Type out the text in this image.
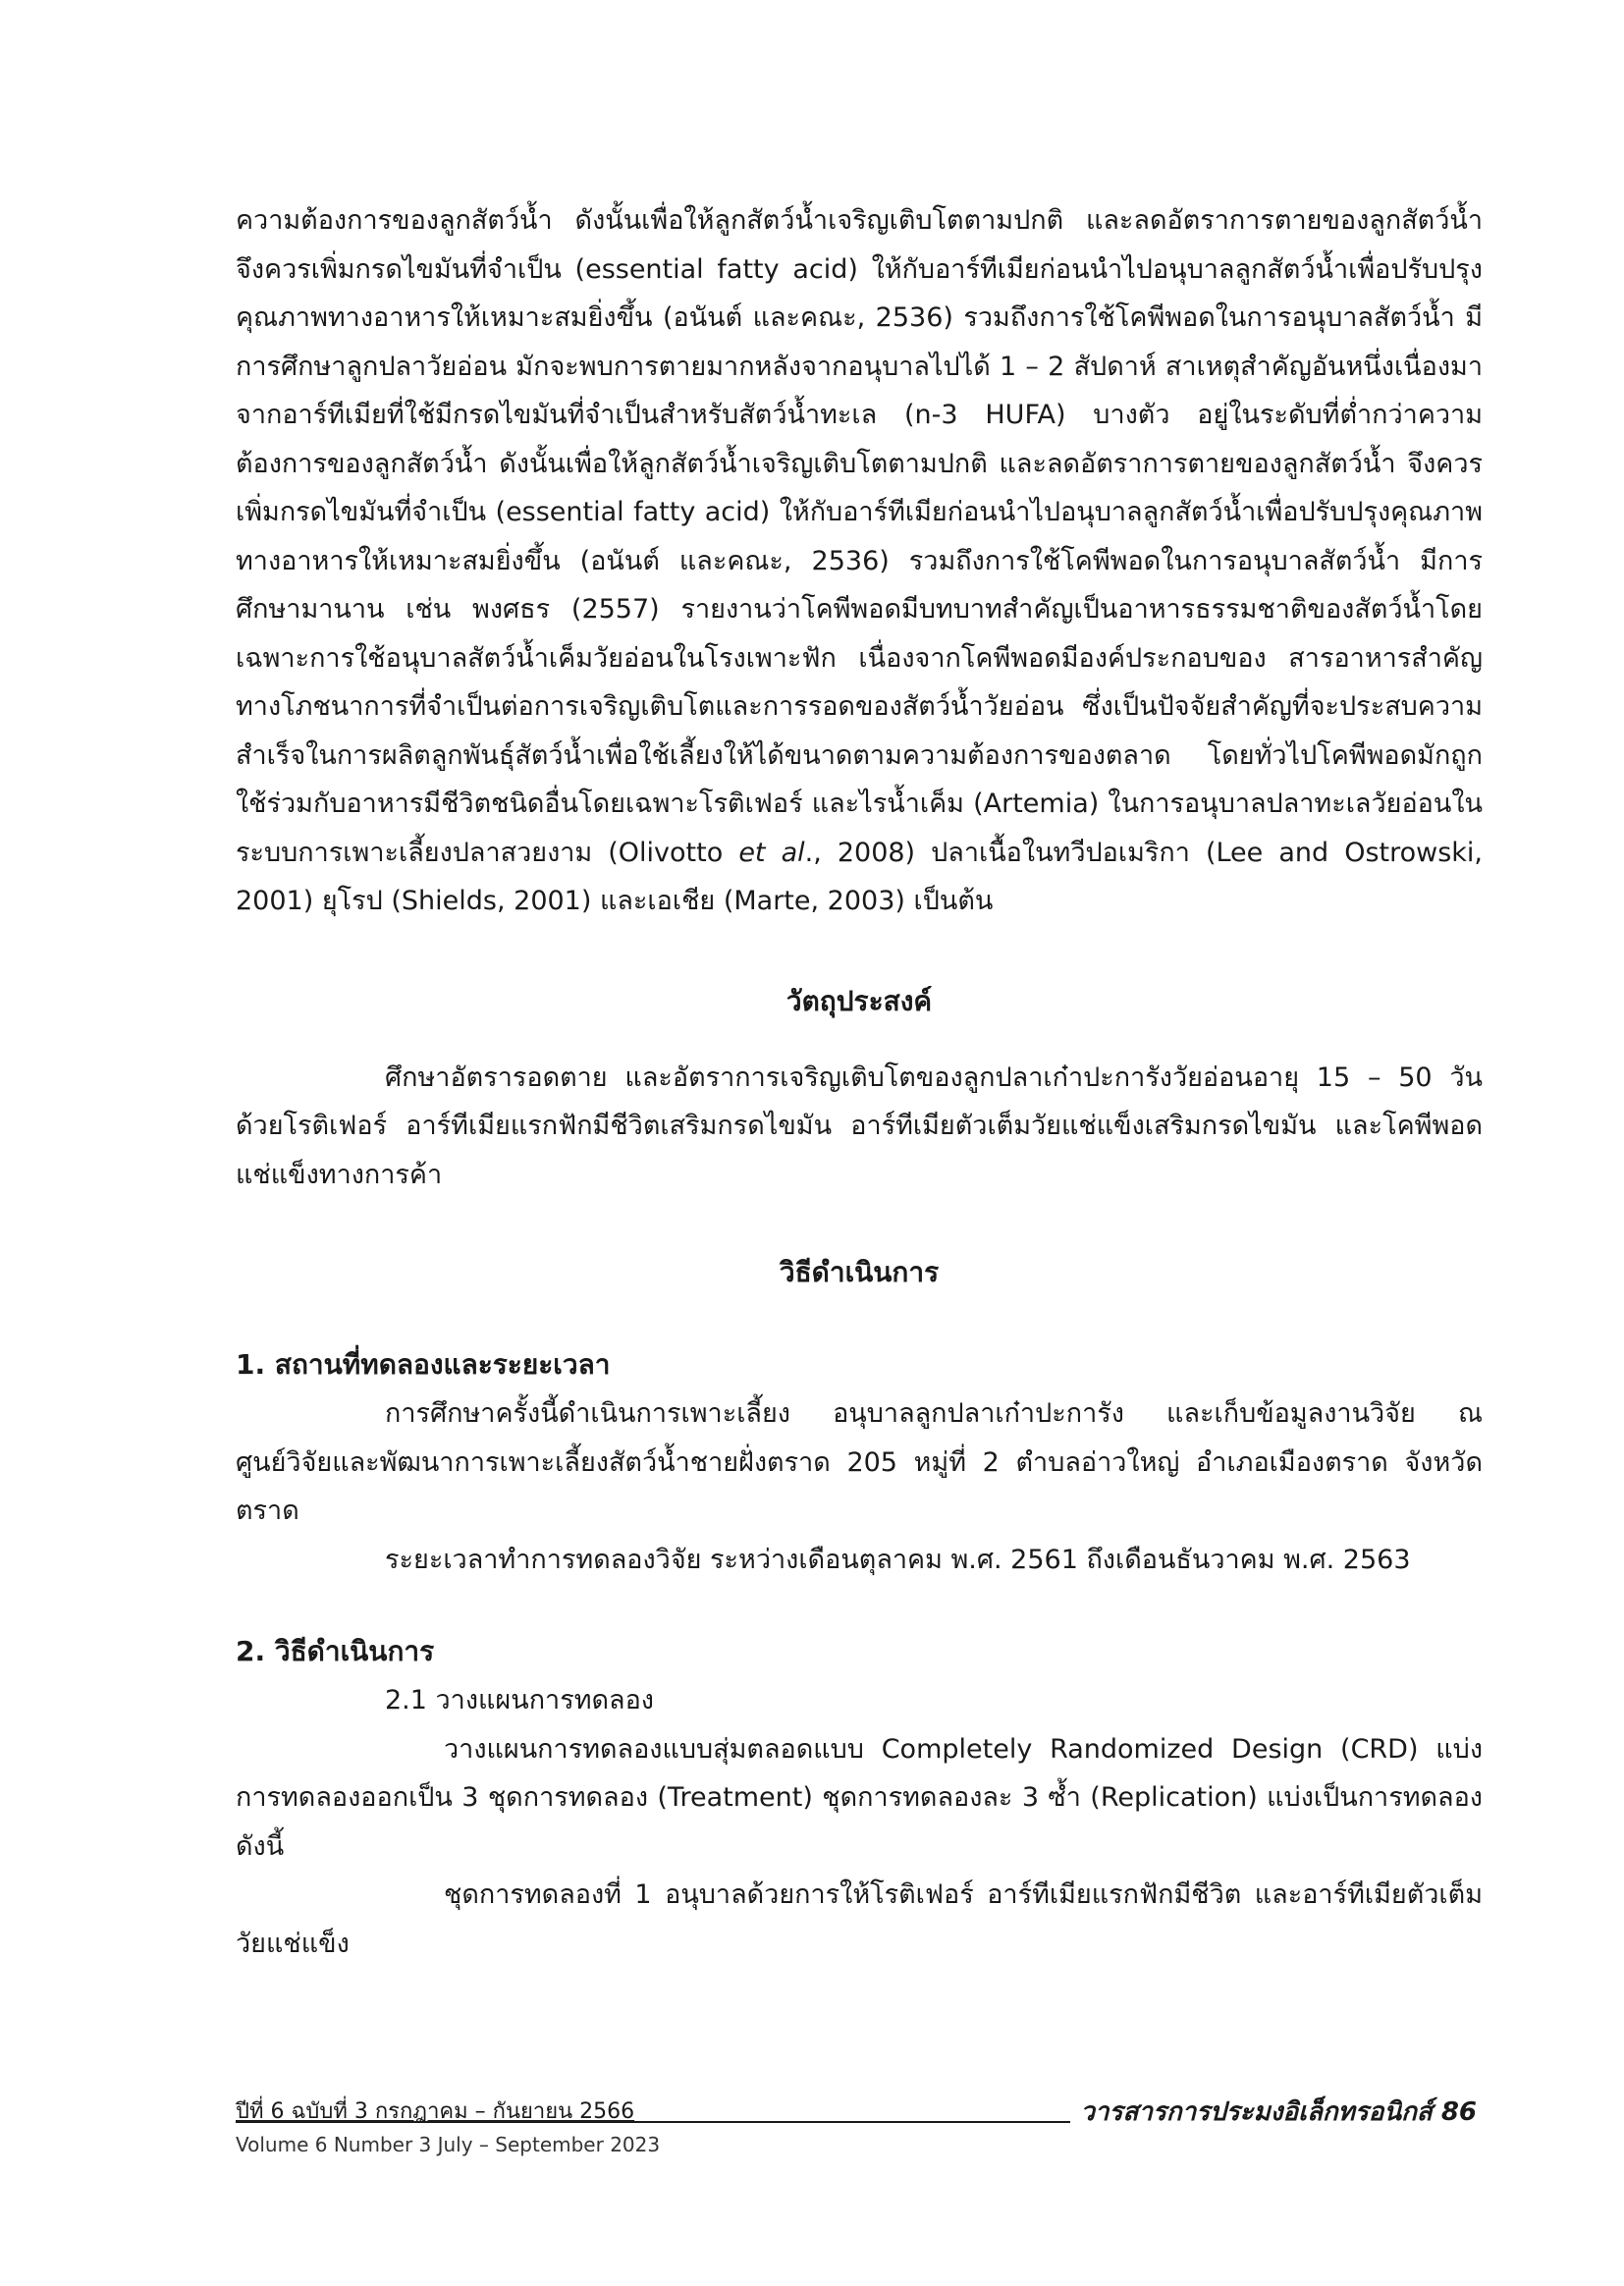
ความต้องการของลูกสัตว์น้ำ ดังนั้นเพื่อให้ลูกสัตว์น้ำเจริญเติบโตตามปกติ และลดอัตราการตายของลูกสัตว์น้ำ จึงควรเพิ่มกรดไขมันที่จำเป็น (essential fatty acid) ให้กับอาร์ทีเมียก่อนนำไปอนุบาลลูกสัตว์น้ำเพื่อปรับปรุงคุณภาพทางอาหารให้เหมาะสมยิ่งขึ้น (อนันต์ และคณะ, 2536) รวมถึงการใช้โคพีพอดในการอนุบาลสัตว์น้ำ มีการศึกษาลูกปลาวัยอ่อน มักจะพบการตายมากหลังจากอนุบาลไปได้ 1 – 2 สัปดาห์ สาเหตุสำคัญอันหนึ่งเนื่องมาจากอาร์ทีเมียที่ใช้มีกรดไขมันที่จำเป็นสำหรับสัตว์น้ำทะเล (n-3 HUFA) บางตัว อยู่ในระดับที่ต่ำกว่าความต้องการของลูกสัตว์น้ำ ดังนั้นเพื่อให้ลูกสัตว์น้ำเจริญเติบโตตามปกติ และลดอัตราการตายของลูกสัตว์น้ำ จึงควรเพิ่มกรดไขมันที่จำเป็น (essential fatty acid) ให้กับอาร์ทีเมียก่อนนำไปอนุบาลลูกสัตว์น้ำเพื่อปรับปรุงคุณภาพทางอาหารให้เหมาะสมยิ่งขึ้น (อนันต์ และคณะ, 2536) รวมถึงการใช้โคพีพอดในการอนุบาลสัตว์น้ำ มีการศึกษามานาน เช่น พงศธร (2557) รายงานว่าโคพีพอดมีบทบาทสำคัญเป็นอาหารธรรมชาติของสัตว์น้ำโดยเฉพาะการใช้อนุบาลสัตว์น้ำเค็มวัยอ่อนในโรงเพาะฟัก เนื่องจากโคพีพอดมีองค์ประกอบของ สารอาหารสำคัญทางโภชนาการที่จำเป็นต่อการเจริญเติบโตและการรอดของสัตว์น้ำวัยอ่อน ซึ่งเป็นปัจจัยสำคัญที่จะประสบความสำเร็จในการผลิตลูกพันธุ์สัตว์น้ำเพื่อใช้เลี้ยงให้ได้ขนาดตามความต้องการของตลาด โดยทั่วไปโคพีพอดมักถูกใช้ร่วมกับอาหารมีชีวิตชนิดอื่นโดยเฉพาะโรติเฟอร์ และไรน้ำเค็ม (Artemia) ในการอนุบาลปลาทะเลวัยอ่อนในระบบการเพาะเลี้ยงปลาสวยงาม (Olivotto et al., 2008) ปลาเนื้อในทวีปอเมริกา (Lee and Ostrowski, 2001) ยุโรป (Shields, 2001) และเอเชีย (Marte, 2003) เป็นต้น

วัตถุประสงค์

ศึกษาอัตรารอดตาย และอัตราการเจริญเติบโตของลูกปลาเก๋าปะการังวัยอ่อนอายุ 15 – 50 วัน ด้วยโรติเฟอร์ อาร์ทีเมียแรกฟักมีชีวิตเสริมกรดไขมัน อาร์ทีเมียตัวเต็มวัยแช่แข็งเสริมกรดไขมัน และโคพีพอดแช่แข็งทางการค้า

วิธีดำเนินการ

1. สถานที่ทดลองและระยะเวลา

การศึกษาครั้งนี้ดำเนินการเพาะเลี้ยง อนุบาลลูกปลาเก๋าปะการัง และเก็บข้อมูลงานวิจัย ณ ศูนย์วิจัยและพัฒนาการเพาะเลี้ยงสัตว์น้ำชายฝั่งตราด 205 หมู่ที่ 2 ตำบลอ่าวใหญ่ อำเภอเมืองตราด จังหวัดตราด

ระยะเวลาทำการทดลองวิจัย ระหว่างเดือนตุลาคม พ.ศ. 2561 ถึงเดือนธันวาคม พ.ศ. 2563

2. วิธีดำเนินการ

2.1 วางแผนการทดลอง

วางแผนการทดลองแบบสุ่มตลอดแบบ Completely Randomized Design (CRD) แบ่งการทดลองออกเป็น 3 ชุดการทดลอง (Treatment) ชุดการทดลองละ 3 ซ้ำ (Replication) แบ่งเป็นการทดลอง ดังนี้

ชุดการทดลองที่ 1 อนุบาลด้วยการให้โรติเฟอร์ อาร์ทีเมียแรกฟักมีชีวิต และอาร์ทีเมียตัวเต็มวัยแช่แข็ง

ปีที่ 6 ฉบับที่ 3 กรกฎาคม – กันยายน 2566
Volume 6 Number 3 July – September 2023
วารสารการประมงอิเล็กทรอนิกส์ 86
